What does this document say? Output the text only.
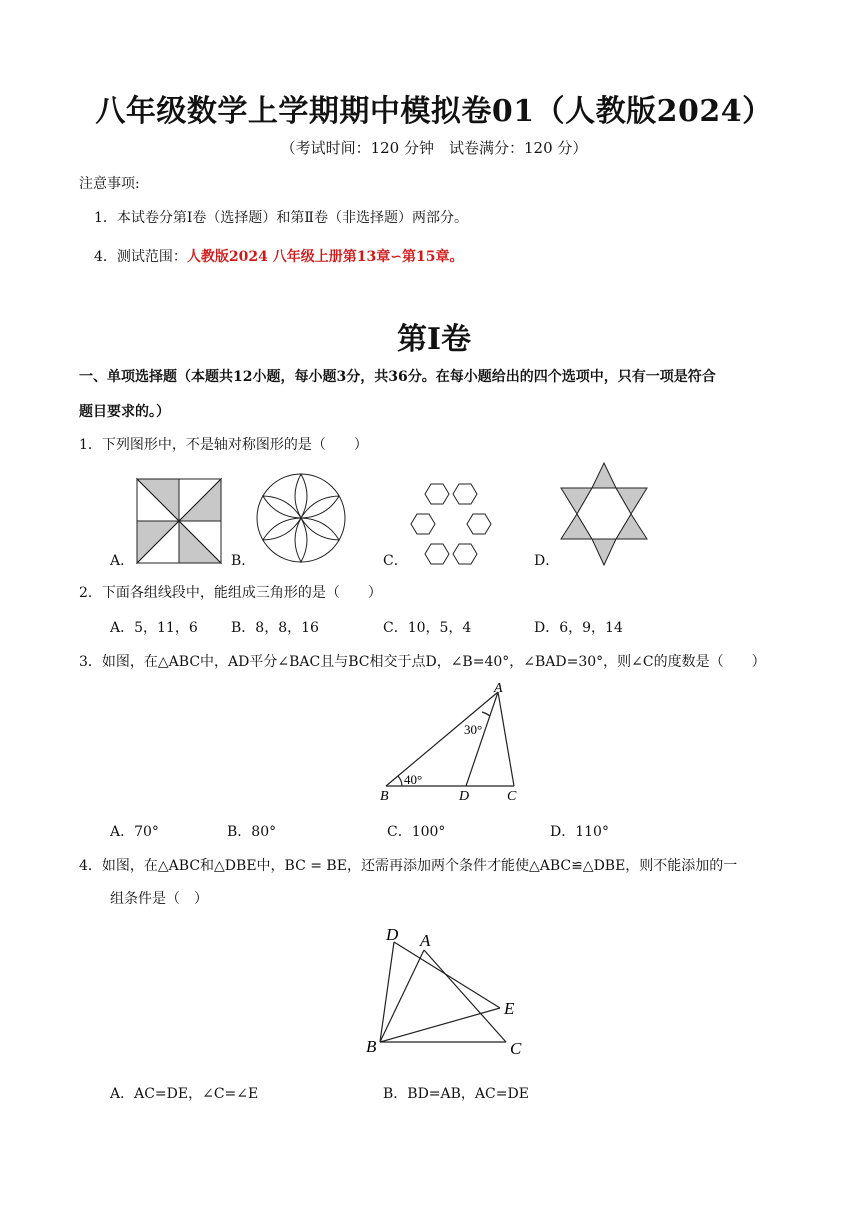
八年级数学上学期期中模拟卷01（人教版2024）
（考试时间：120 分钟　试卷满分：120 分）
注意事项:
1．本试卷分第Ⅰ卷（选择题）和第Ⅱ卷（非选择题）两部分。
4．测试范围：人教版2024 八年级上册第13章∽第15章。
第Ⅰ卷
一、单项选择题（本题共12小题，每小题3分，共36分。在每小题给出的四个选项中，只有一项是符合
题目要求的。）
1．下列图形中，不是轴对称图形的是（　　）
A．	B．	C．	D．
2．下面各组线段中，能组成三角形的是（　　）
A．5，11，6 B．8，8，16	C．10，5，4	D．6，9，14
3．如图，在△ABC中，AD平分∠BAC且与BC相交于点D，∠B=40°，∠BAD=30°，则∠C的度数是（　　）
A
B	D	C
30°
40°
A．70°	B．80°	C．100°	D．110°
4．如图，在△ABC和△DBE中，BC = BE，还需再添加两个条件才能使△ABC≌△DBE，则不能添加的一
组条件是（　）
D A
E
B	C
A．AC=DE，∠C=∠E	B．BD=AB，AC=DE
